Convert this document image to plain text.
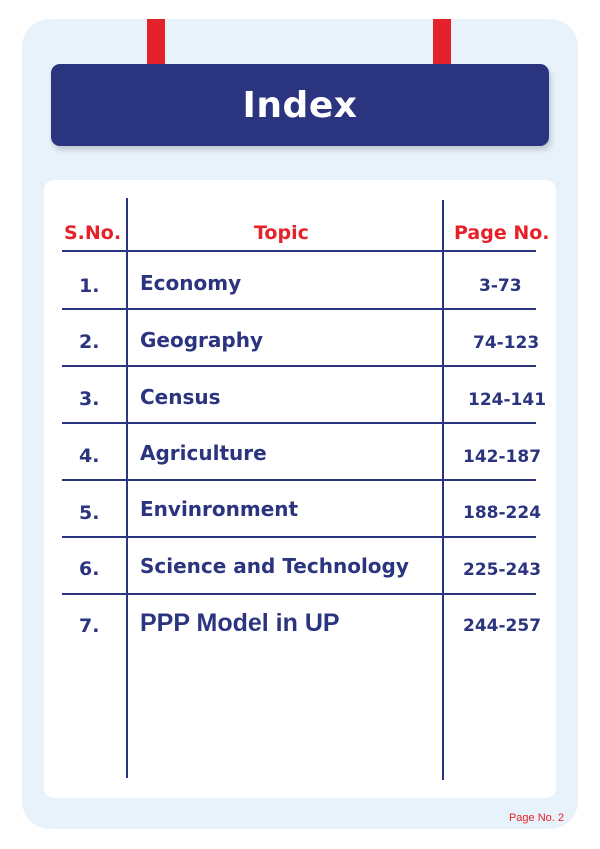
Index
S.No.	Topic	Page No.
1. Economy	3-73
2. Geography	74-123
3. Census	124-141
4. Agriculture	142-187
5. Envinronment	188-224
6. Science and Technology	225-243
7. PPP Model in UP	244-257
Page No. 2
